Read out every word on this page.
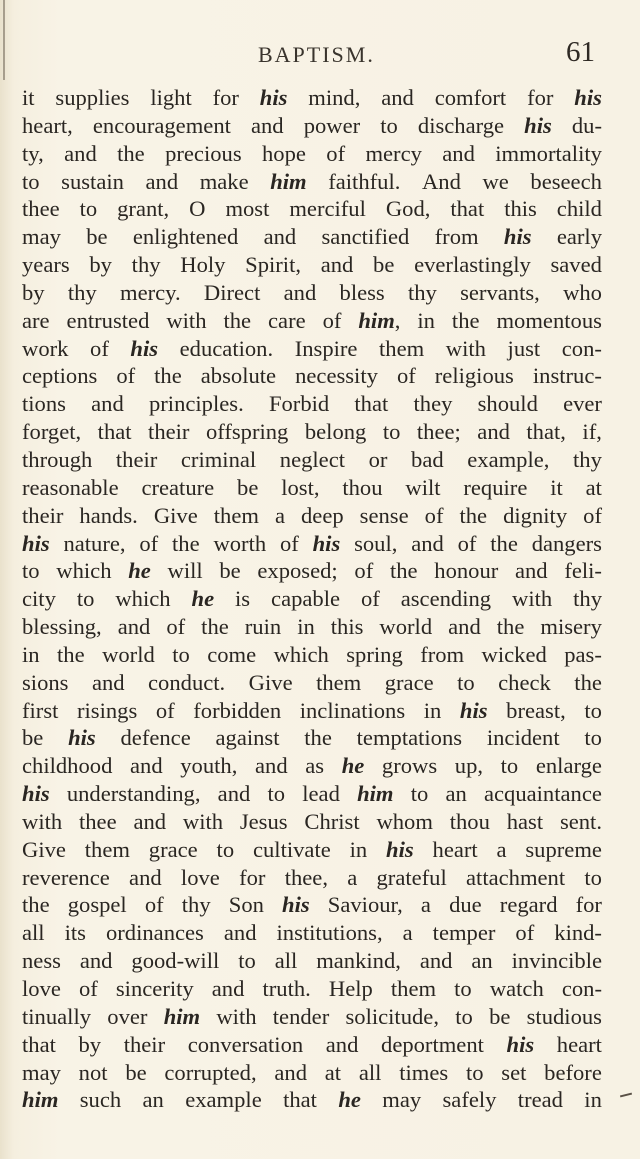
BAPTISM.	61
it supplies light for his mind, and comfort for his
heart, encouragement and power to discharge his du-
ty, and the precious hope of mercy and immortality
to sustain and make him faithful. And we beseech
thee to grant, O most merciful God, that this child
may be enlightened and sanctified from his early
years by thy Holy Spirit, and be everlastingly saved
by thy mercy. Direct and bless thy servants, who
are entrusted with the care of him, in the momentous
work of his education. Inspire them with just con-
ceptions of the absolute necessity of religious instruc-
tions and principles. Forbid that they should ever
forget, that their offspring belong to thee; and that, if,
through their criminal neglect or bad example, thy
reasonable creature be lost, thou wilt require it at
their hands. Give them a deep sense of the dignity of
his nature, of the worth of his soul, and of the dangers
to which he will be exposed; of the honour and feli-
city to which he is capable of ascending with thy
blessing, and of the ruin in this world and the misery
in the world to come which spring from wicked pas-
sions and conduct. Give them grace to check the
first risings of forbidden inclinations in his breast, to
be his defence against the temptations incident to
childhood and youth, and as he grows up, to enlarge
his understanding, and to lead him to an acquaintance
with thee and with Jesus Christ whom thou hast sent.
Give them grace to cultivate in his heart a supreme
reverence and love for thee, a grateful attachment to
the gospel of thy Son his Saviour, a due regard for
all its ordinances and institutions, a temper of kind-
ness and good-will to all mankind, and an invincible
love of sincerity and truth. Help them to watch con-
tinually over him with tender solicitude, to be studious
that by their conversation and deportment his heart
may not be corrupted, and at all times to set before
him such an example that he may safely tread in
